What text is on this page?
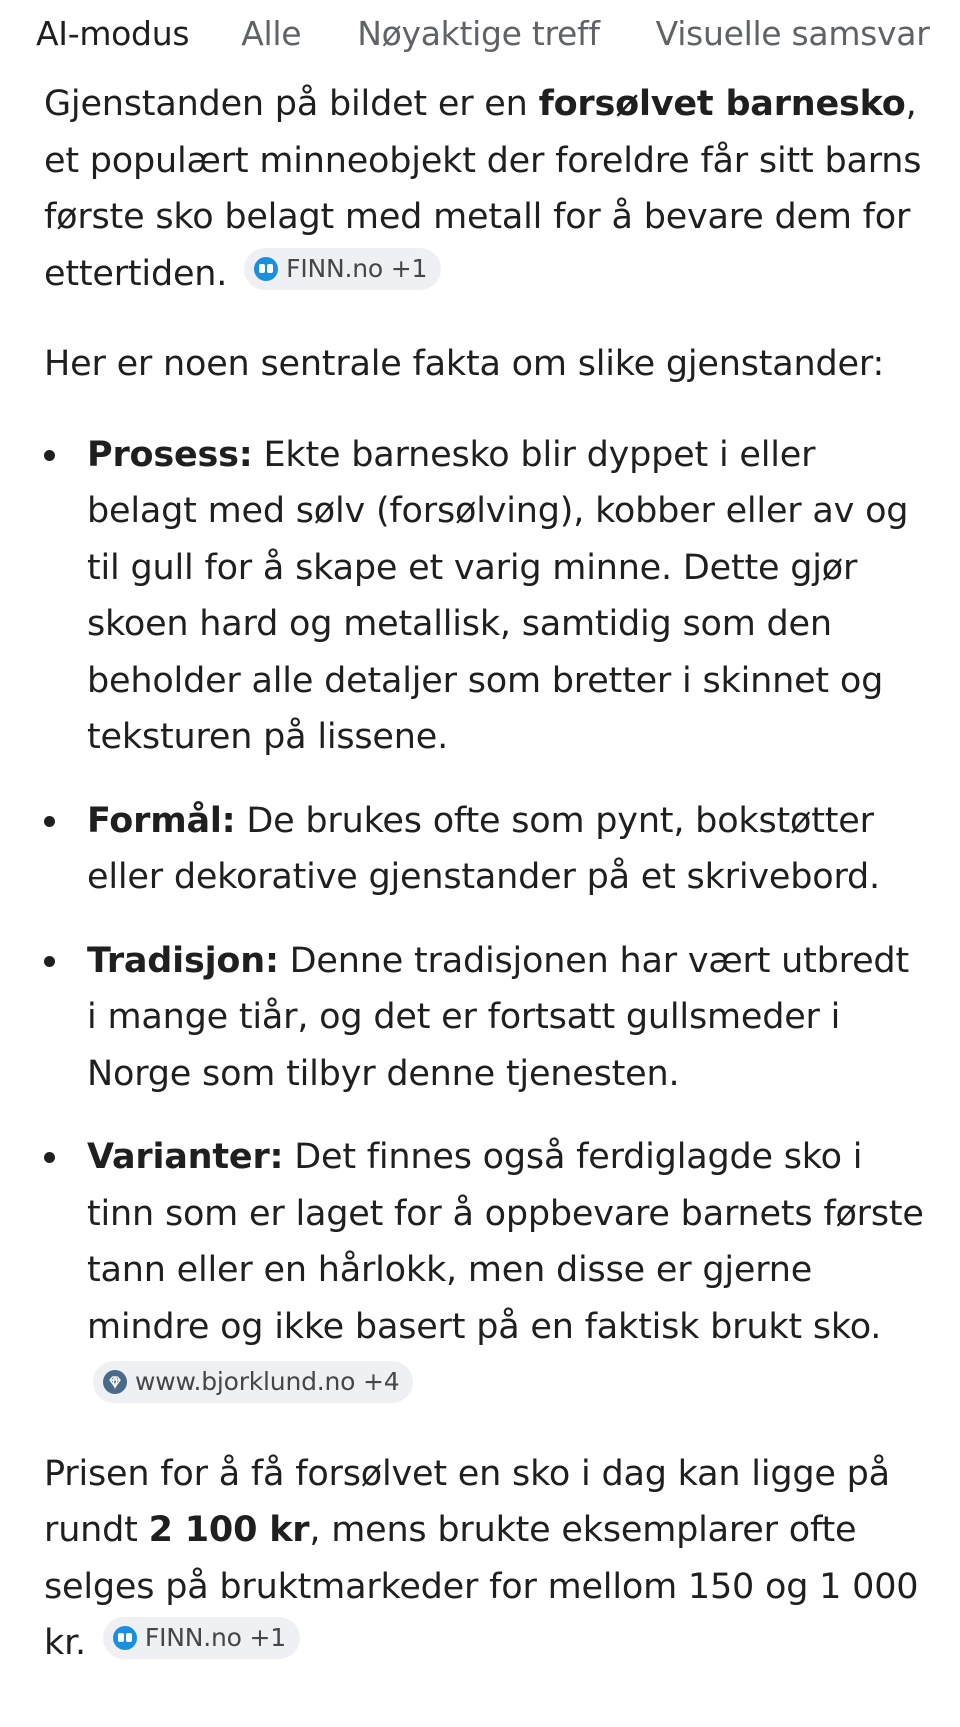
AI-modus	Alle	Nøyaktige treff	Visuelle samsvar

Gjenstanden på bildet er en forsølvet barnesko, et populært minneobjekt der foreldre får sitt barns første sko belagt med metall for å bevare dem for ettertiden. FINN.no +1

Her er noen sentrale fakta om slike gjenstander:

Prosess: Ekte barnesko blir dyppet i eller belagt med sølv (forsølving), kobber eller av og til gull for å skape et varig minne. Dette gjør skoen hard og metallisk, samtidig som den beholder alle detaljer som bretter i skinnet og teksturen på lissene.
Formål: De brukes ofte som pynt, bokstøtter eller dekorative gjenstander på et skrivebord.
Tradisjon: Denne tradisjonen har vært utbredt i mange tiår, og det er fortsatt gullsmeder i Norge som tilbyr denne tjenesten.
Varianter: Det finnes også ferdiglagde sko i tinn som er laget for å oppbevare barnets første tann eller en hårlokk, men disse er gjerne mindre og ikke basert på en faktisk brukt sko.
www.bjorklund.no +4

Prisen for å få forsølvet en sko i dag kan ligge på rundt 2 100 kr, mens brukte eksemplarer ofte selges på bruktmarkeder for mellom 150 og 1 000 kr. FINN.no +1
